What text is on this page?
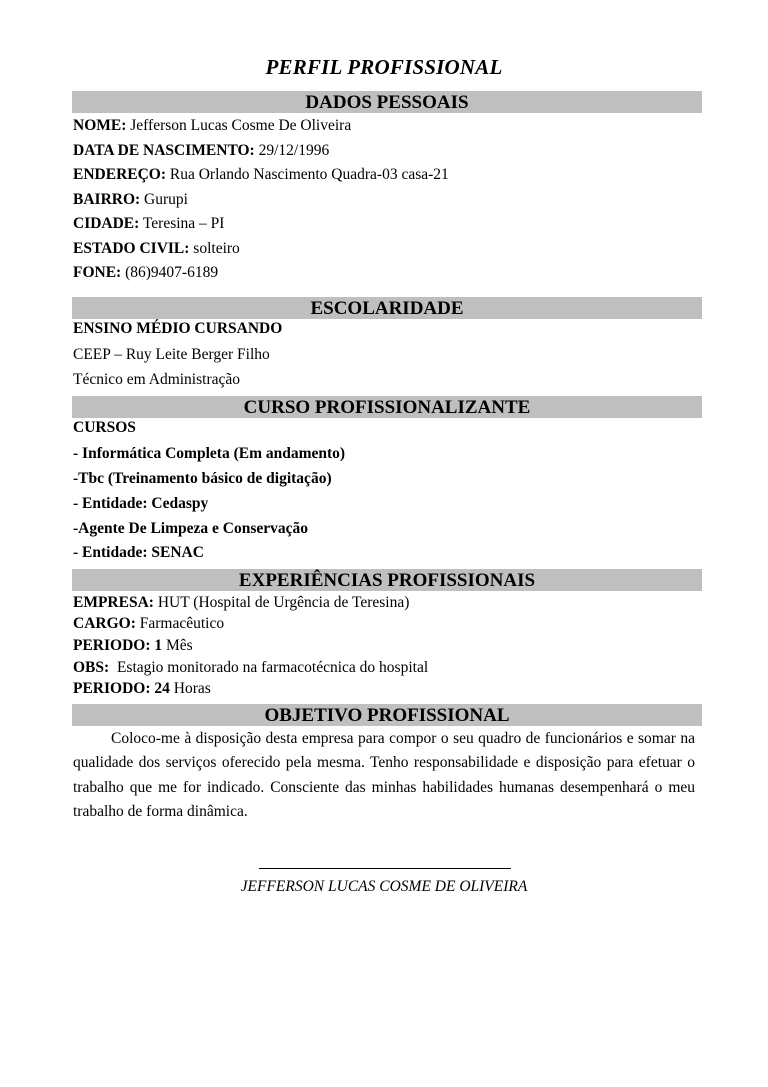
PERFIL PROFISSIONAL
DADOS PESSOAIS
NOME: Jefferson Lucas Cosme De Oliveira
DATA DE NASCIMENTO: 29/12/1996
ENDEREÇO: Rua Orlando Nascimento Quadra-03 casa-21
BAIRRO: Gurupi
CIDADE: Teresina – PI
ESTADO CIVIL: solteiro
FONE: (86)9407-6189
ESCOLARIDADE
ENSINO MÉDIO CURSANDO
CEEP – Ruy Leite Berger Filho
Técnico em Administração
CURSO PROFISSIONALIZANTE
CURSOS
- Informática Completa (Em andamento)
-Tbc (Treinamento básico de digitação)
- Entidade: Cedaspy
-Agente De Limpeza e Conservação
- Entidade: SENAC
EXPERIÊNCIAS PROFISSIONAIS
EMPRESA: HUT (Hospital de Urgência de Teresina)
CARGO: Farmacêutico
PERIODO: 1 Mês
OBS:  Estagio monitorado na farmacotécnica do hospital
PERIODO: 24 Horas
OBJETIVO PROFISSIONAL
Coloco-me à disposição desta empresa para compor o seu quadro de funcionários e somar na qualidade dos serviços oferecido pela mesma. Tenho responsabilidade e disposição para efetuar o trabalho que me for indicado. Consciente das minhas habilidades humanas desempenhará o meu trabalho de forma dinâmica.
JEFFERSON LUCAS COSME DE OLIVEIRA
